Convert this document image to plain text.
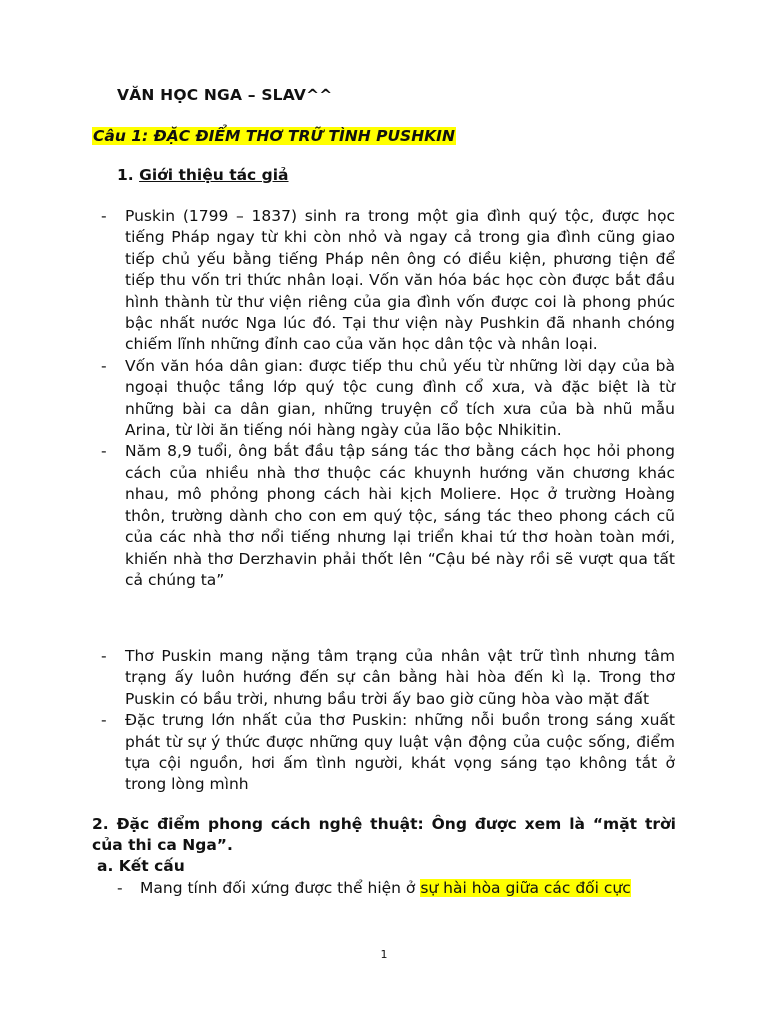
VĂN HỌC NGA – SLAV^^
Câu 1: ĐẶC ĐIỂM THƠ TRỮ TÌNH PUSHKIN
1. Giới thiệu tác giả
- Puskin (1799 – 1837) sinh ra trong một gia đình quý tộc, được học tiếng Pháp ngay từ khi còn nhỏ và ngay cả trong gia đình cũng giao tiếp chủ yếu bằng tiếng Pháp nên ông có điều kiện, phương tiện để tiếp thu vốn tri thức nhân loại. Vốn văn hóa bác học còn được bắt đầu hình thành từ thư viện riêng của gia đình vốn được coi là phong phúc bậc nhất nước Nga lúc đó. Tại thư viện này Pushkin đã nhanh chóng chiếm lĩnh những đỉnh cao của văn học dân tộc và nhân loại.
- Vốn văn hóa dân gian: được tiếp thu chủ yếu từ những lời dạy của bà ngoại thuộc tầng lớp quý tộc cung đình cổ xưa, và đặc biệt là từ những bài ca dân gian, những truyện cổ tích xưa của bà nhũ mẫu Arina, từ lời ăn tiếng nói hàng ngày của lão bộc Nhikitin.
- Năm 8,9 tuổi, ông bắt đầu tập sáng tác thơ bằng cách học hỏi phong cách của nhiều nhà thơ thuộc các khuynh hướng văn chương khác nhau, mô phỏng phong cách hài kịch Moliere. Học ở trường Hoàng thôn, trường dành cho con em quý tộc, sáng tác theo phong cách cũ của các nhà thơ nổi tiếng nhưng lại triển khai tứ thơ hoàn toàn mới, khiến nhà thơ Derzhavin phải thốt lên “Cậu bé này rồi sẽ vượt qua tất cả chúng ta”
- Thơ Puskin mang nặng tâm trạng của nhân vật trữ tình nhưng tâm trạng ấy luôn hướng đến sự cân bằng hài hòa đến kì lạ. Trong thơ Puskin có bầu trời, nhưng bầu trời ấy bao giờ cũng hòa vào mặt đất
- Đặc trưng lớn nhất của thơ Puskin: những nỗi buồn trong sáng xuất phát từ sự ý thức được những quy luật vận động của cuộc sống, điểm tựa cội nguồn, hơi ấm tình người, khát vọng sáng tạo không tắt ở trong lòng mình
2. Đặc điểm phong cách nghệ thuật: Ông được xem là “mặt trời của thi ca Nga”.
a. Kết cấu
- Mang tính đối xứng được thể hiện ở sự hài hòa giữa các đối cực
1
